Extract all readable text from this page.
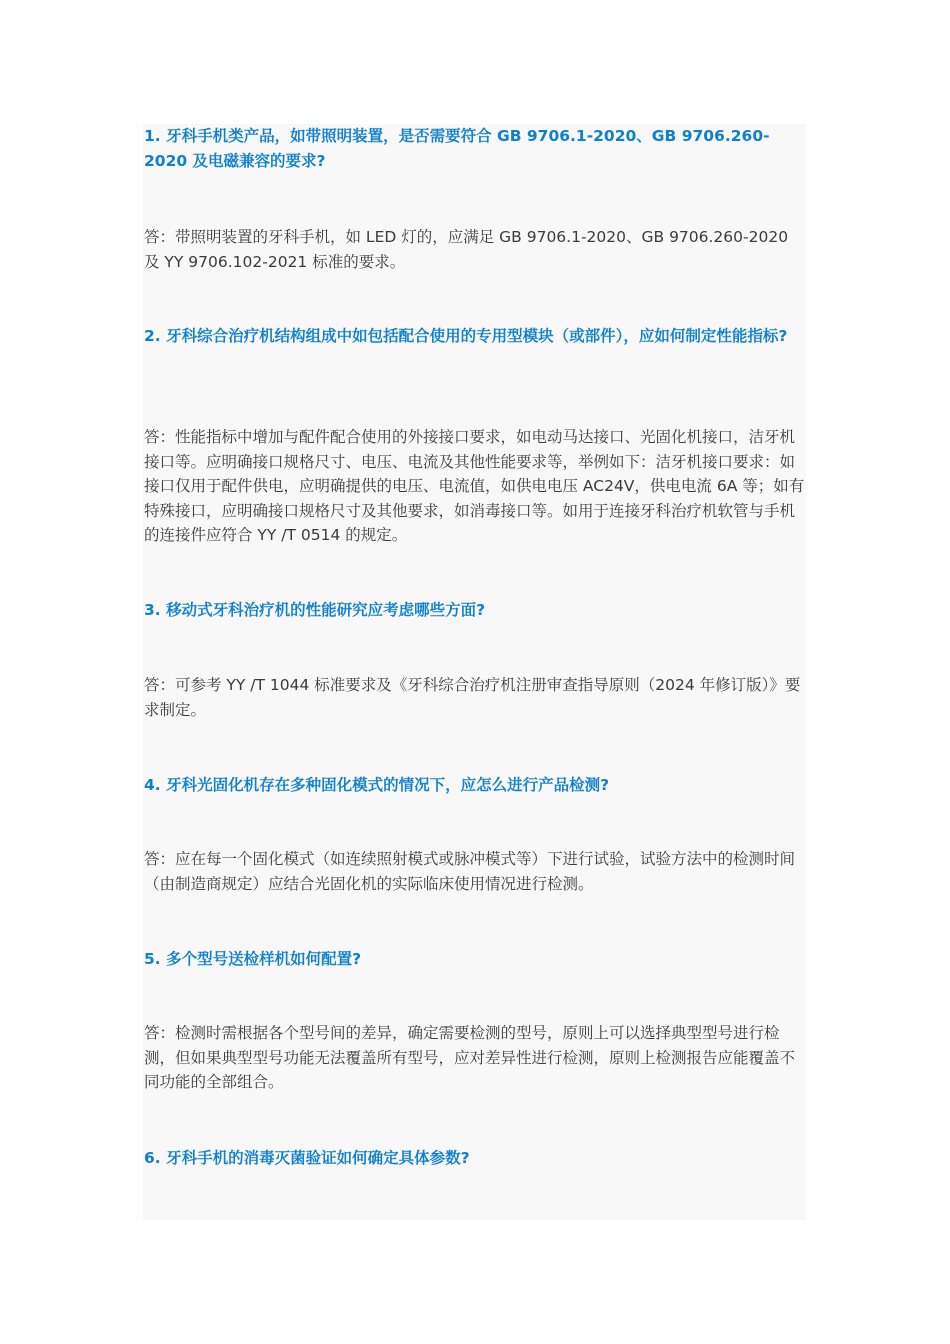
1. 牙科手机类产品，如带照明装置，是否需要符合 GB 9706.1-2020、GB 9706.260-2020 及电磁兼容的要求?

答：带照明装置的牙科手机，如 LED 灯的，应满足 GB 9706.1-2020、GB 9706.260-2020 及 YY 9706.102-2021 标准的要求。

2. 牙科综合治疗机结构组成中如包括配合使用的专用型模块（或部件），应如何制定性能指标?

答：性能指标中增加与配件配合使用的外接接口要求，如电动马达接口、光固化机接口，洁牙机接口等。应明确接口规格尺寸、电压、电流及其他性能要求等，举例如下：洁牙机接口要求：如接口仅用于配件供电，应明确提供的电压、电流值，如供电电压 AC24V，供电电流 6A 等；如有特殊接口，应明确接口规格尺寸及其他要求，如消毒接口等。如用于连接牙科治疗机软管与手机的连接件应符合 YY /T 0514 的规定。

3. 移动式牙科治疗机的性能研究应考虑哪些方面?

答：可参考 YY /T 1044 标准要求及《牙科综合治疗机注册审查指导原则（2024 年修订版）》要求制定。

4. 牙科光固化机存在多种固化模式的情况下，应怎么进行产品检测?

答：应在每一个固化模式（如连续照射模式或脉冲模式等）下进行试验，试验方法中的检测时间（由制造商规定）应结合光固化机的实际临床使用情况进行检测。

5. 多个型号送检样机如何配置?

答：检测时需根据各个型号间的差异，确定需要检测的型号，原则上可以选择典型型号进行检测，但如果典型型号功能无法覆盖所有型号，应对差异性进行检测，原则上检测报告应能覆盖不同功能的全部组合。

6. 牙科手机的消毒灭菌验证如何确定具体参数?
